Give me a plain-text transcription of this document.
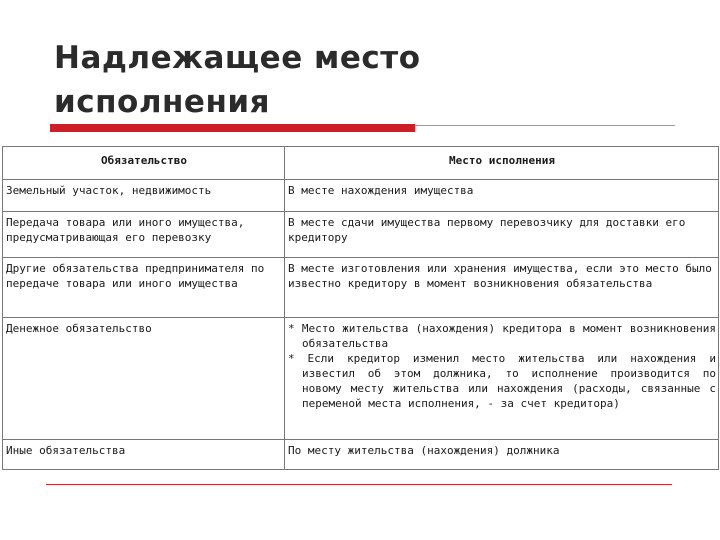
Надлежащее место
исполнения
Обязательство	Место исполнения
Земельный участок, недвижимость	В месте нахождения имущества
Передача товара или иного имущества, предусматривающая его перевозку	В месте сдачи имущества первому перевозчику для доставки его кредитору
Другие обязательства предпринимателя по передаче товара или иного имущества	В месте изготовления или хранения имущества, если это место было известно кредитору в момент возникновения обязательства
Денежное обязательство	* Место жительства (нахождения) кредитора в момент возникновения обязательства
* Если кредитор изменил место жительства или нахождения и известил об этом должника, то исполнение производится по новому месту жительства или нахождения (расходы, связанные с переменой места исполнения, - за счет кредитора)

Иные обязательства	По месту жительства (нахождения) должника
